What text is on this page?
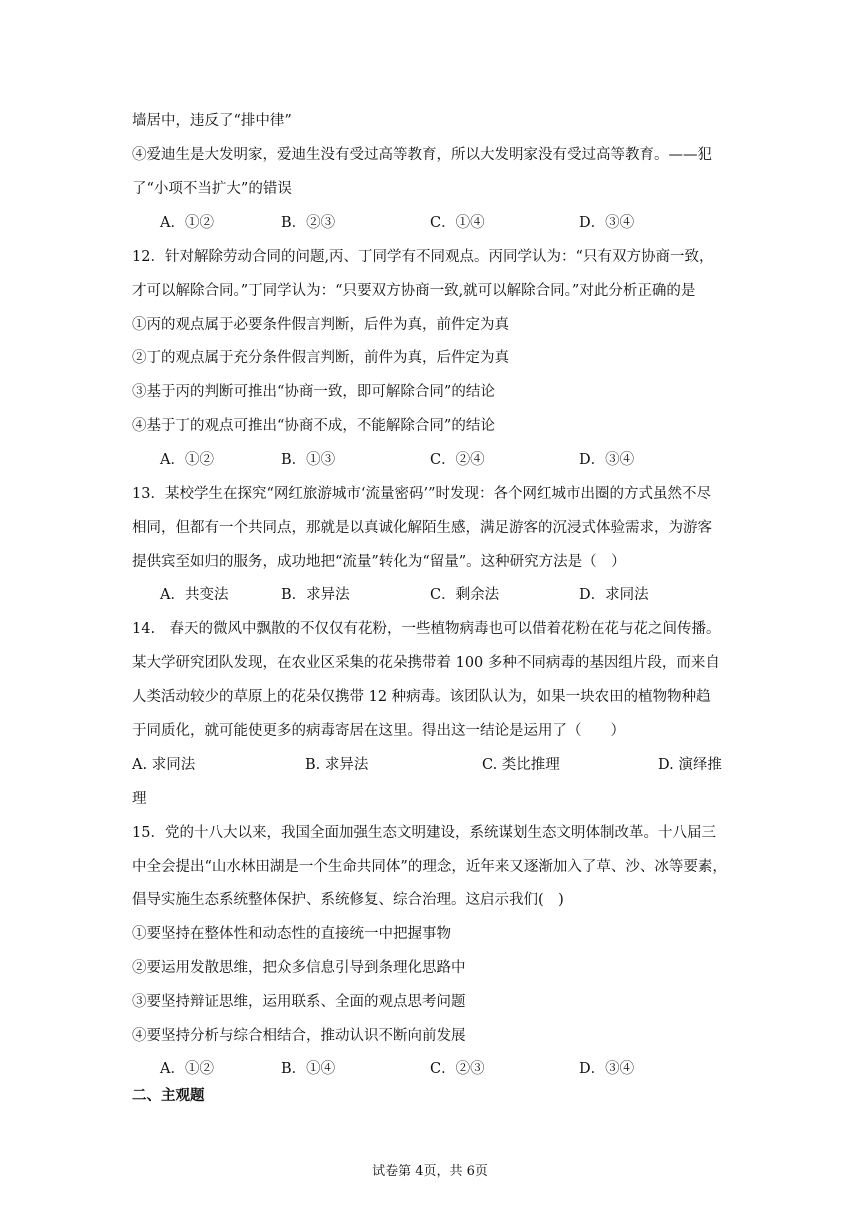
墙居中，违反了“排中律”
④爱迪生是大发明家，爱迪生没有受过高等教育，所以大发明家没有受过高等教育。——犯
了“小项不当扩大”的错误
A．①②	B．②③	C．①④	D．③④
12．针对解除劳动合同的问题,丙、丁同学有不同观点。丙同学认为：“只有双方协商一致，
才可以解除合同。”丁同学认为：“只要双方协商一致,就可以解除合同。”对此分析正确的是
①丙的观点属于必要条件假言判断，后件为真，前件定为真
②丁的观点属于充分条件假言判断，前件为真，后件定为真
③基于丙的判断可推出“协商一致，即可解除合同”的结论
④基于丁的观点可推出“协商不成，不能解除合同”的结论
A．①②	B．①③	C．②④	D．③④
13．某校学生在探究“网红旅游城市‘流量密码’”时发现：各个网红城市出圈的方式虽然不尽
相同，但都有一个共同点，那就是以真诚化解陌生感，满足游客的沉浸式体验需求，为游客
提供宾至如归的服务，成功地把“流量”转化为“留量”。这种研究方法是（　）
A．共变法	B．求异法	C．剩余法	D．求同法
14.　春天的微风中飘散的不仅仅有花粉，一些植物病毒也可以借着花粉在花与花之间传播。
某大学研究团队发现，在农业区采集的花朵携带着 100 多种不同病毒的基因组片段，而来自
人类活动较少的草原上的花朵仅携带 12 种病毒。该团队认为，如果一块农田的植物物种趋
于同质化，就可能使更多的病毒寄居在这里。得出这一结论是运用了（　　）
A. 求同法	B. 求异法	C. 类比推理	D. 演绎推
理
15．党的十八大以来，我国全面加强生态文明建设，系统谋划生态文明体制改革。十八届三
中全会提出“山水林田湖是一个生命共同体”的理念，近年来又逐渐加入了草、沙、冰等要素，
倡导实施生态系统整体保护、系统修复、综合治理。这启示我们(　)
①要坚持在整体性和动态性的直接统一中把握事物
②要运用发散思维，把众多信息引导到条理化思路中
③要坚持辩证思维，运用联系、全面的观点思考问题
④要坚持分析与综合相结合，推动认识不断向前发展
A．①②	B．①④	C．②③	D．③④
二、主观题
试卷第 4页，共 6页
